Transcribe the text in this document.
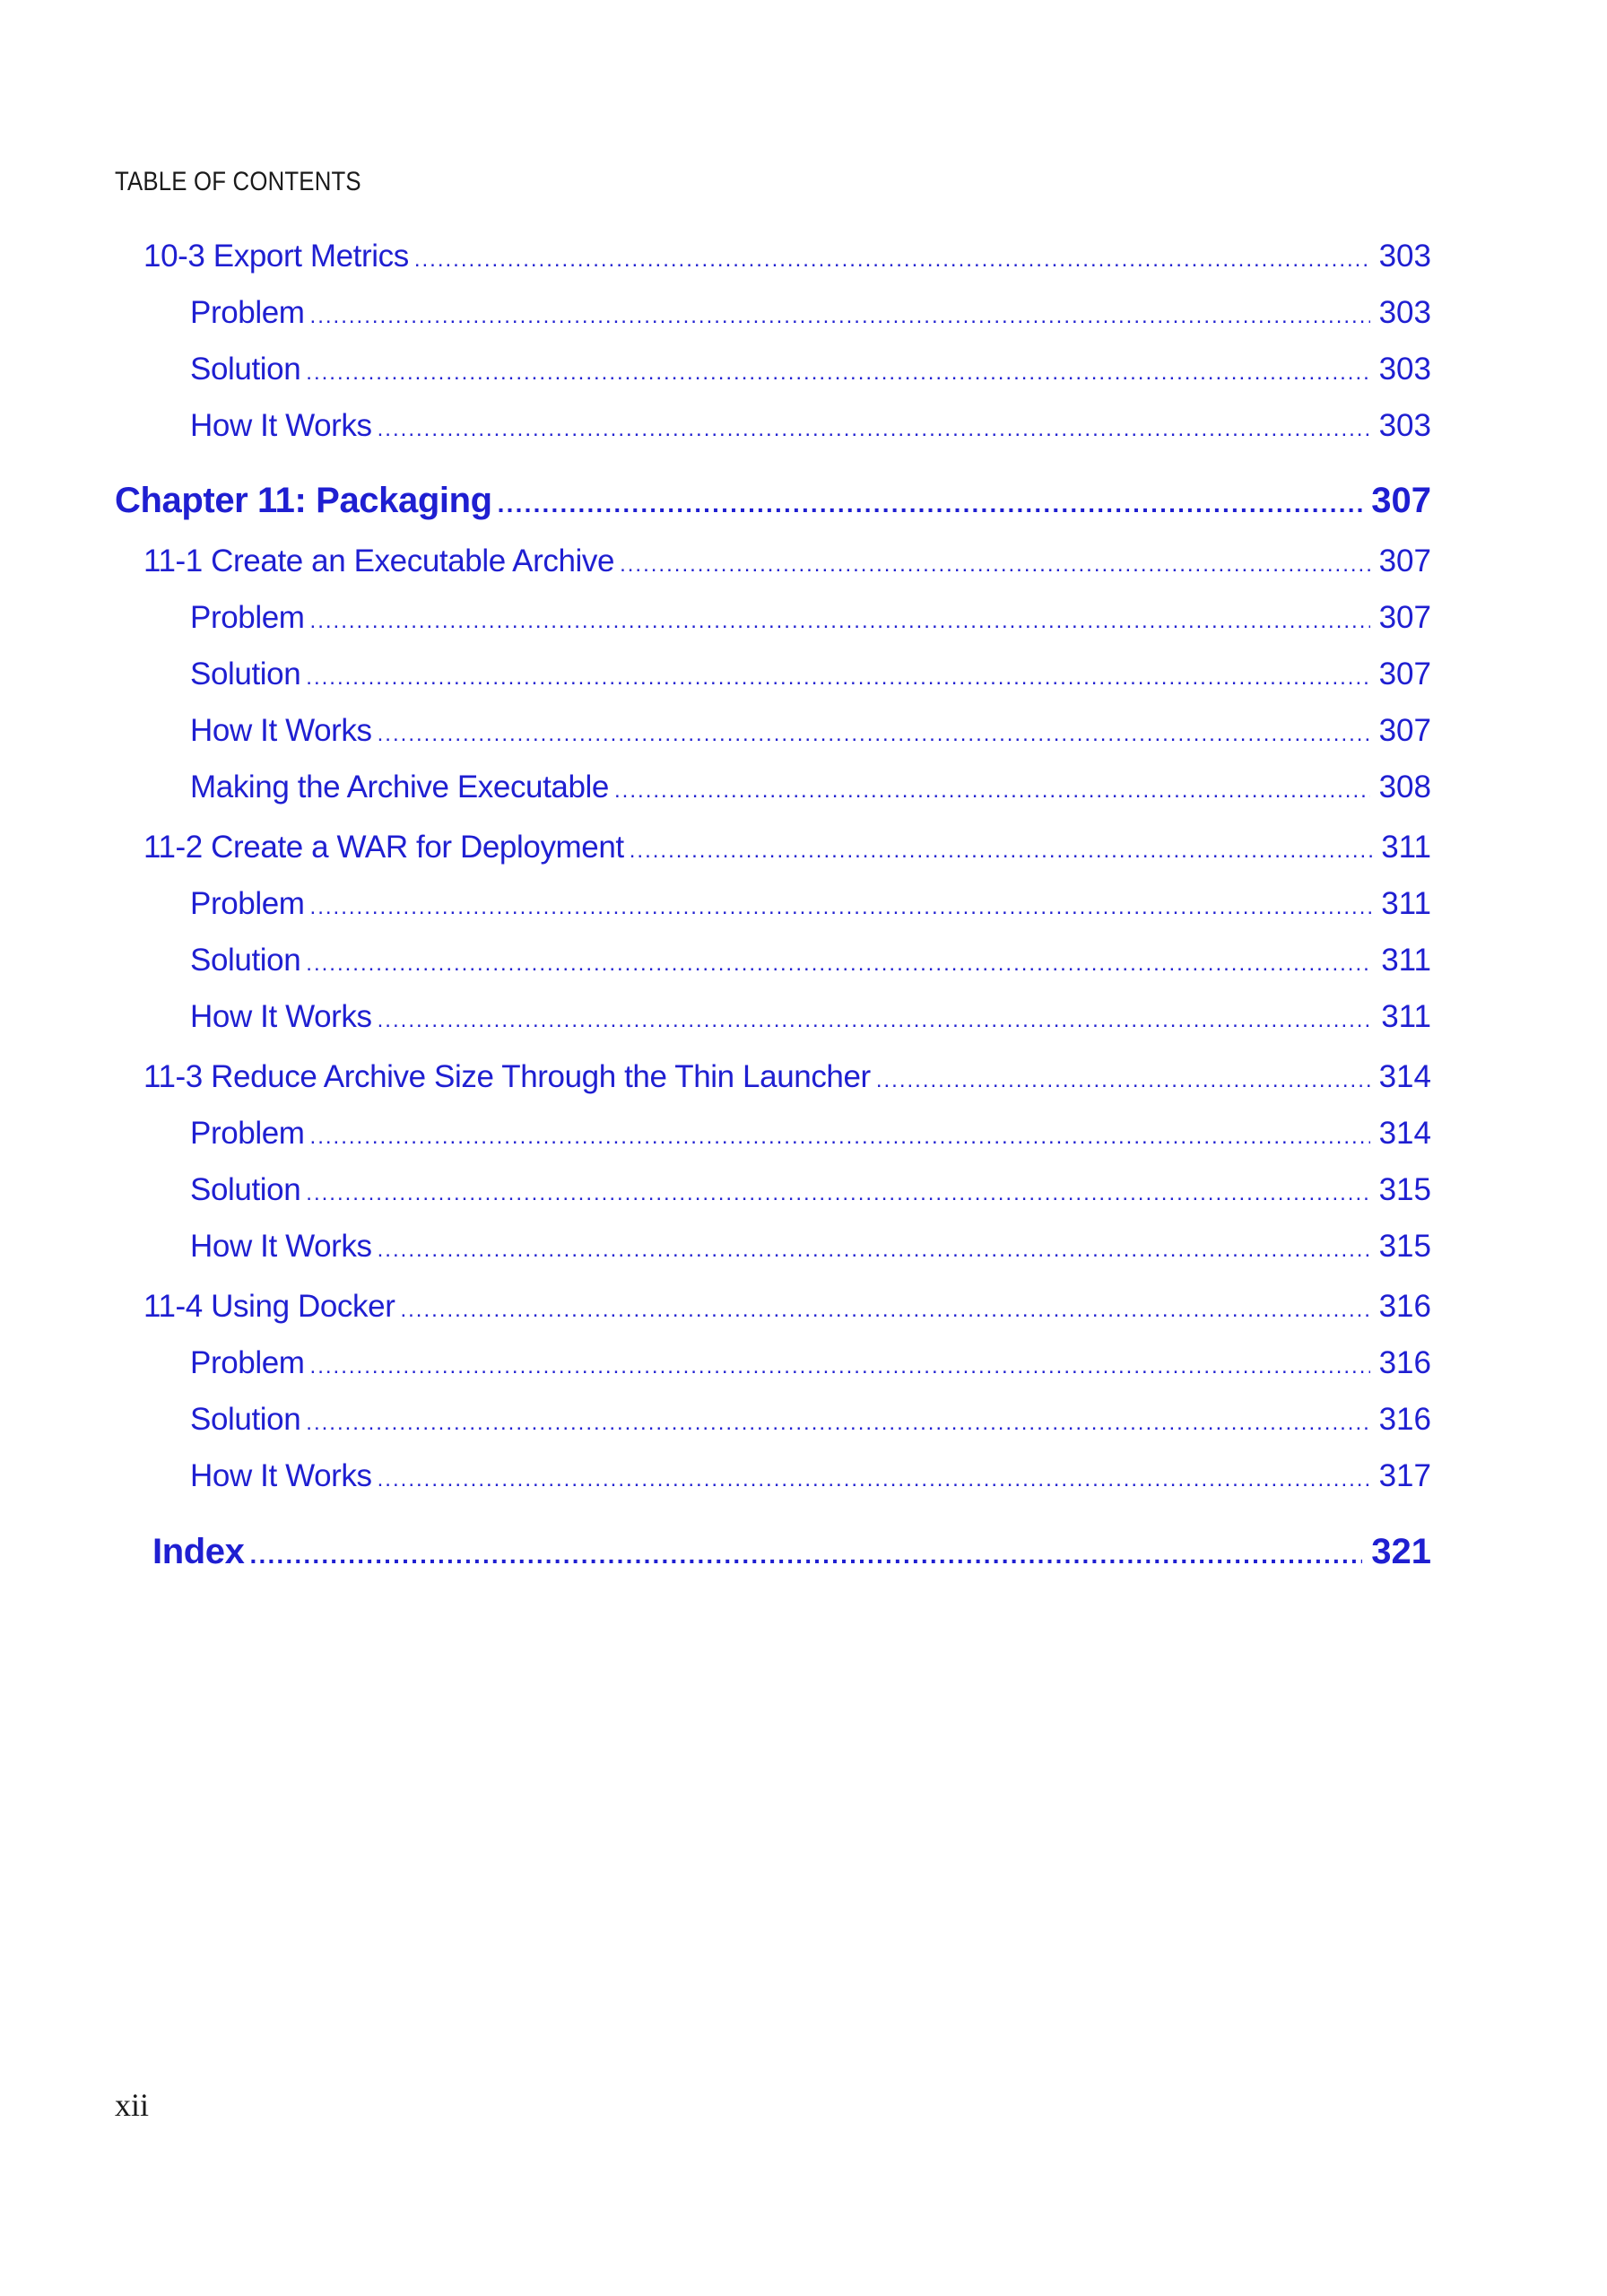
TABLE OF CONTENTS
10-3 Export Metrics .....	303
Problem .....	303
Solution .....	303
How It Works .....	303
Chapter 11: Packaging .....	307
11-1 Create an Executable Archive .....	307
Problem .....	307
Solution .....	307
How It Works .....	307
Making the Archive Executable .....	308
11-2 Create a WAR for Deployment .....	311
Problem .....	311
Solution .....	311
How It Works .....	311
11-3 Reduce Archive Size Through the Thin Launcher .....	314
Problem .....	314
Solution .....	315
How It Works .....	315
11-4 Using Docker .....	316
Problem .....	316
Solution .....	316
How It Works .....	317
Index .....	321
xii
